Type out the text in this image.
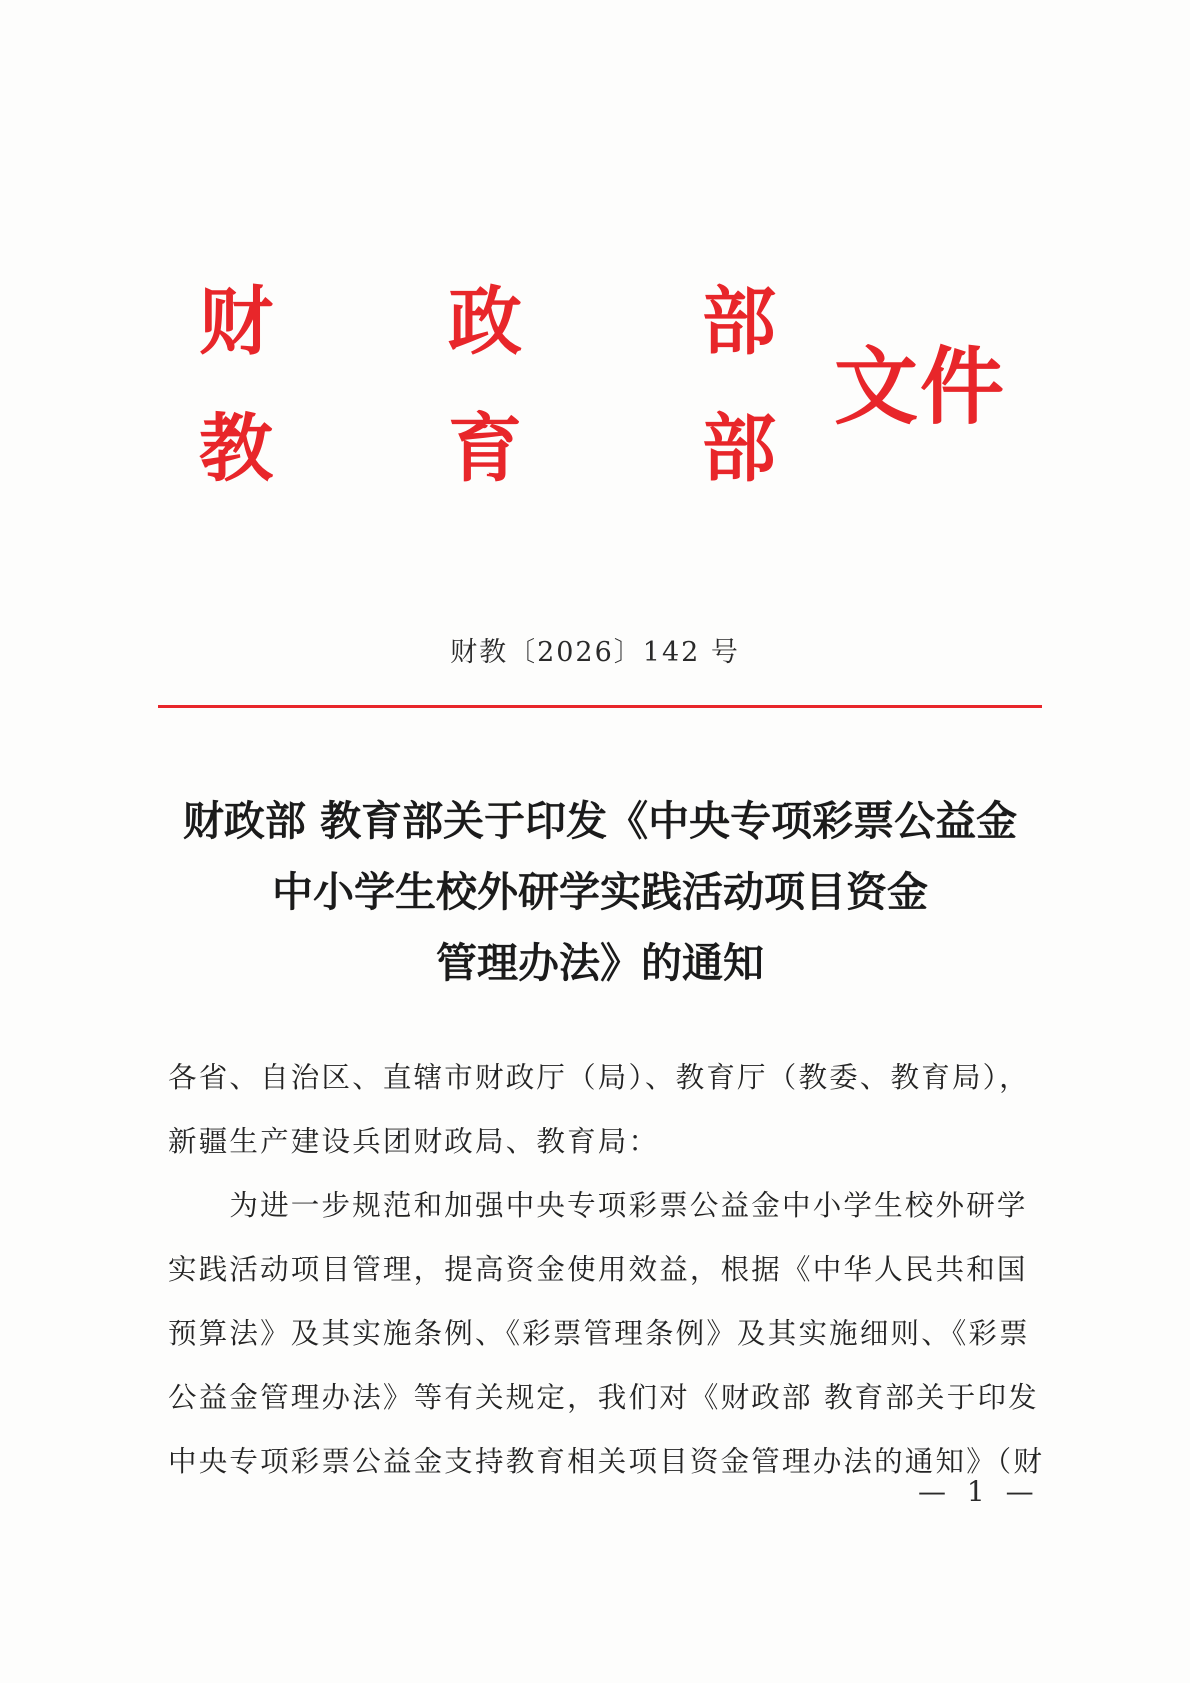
财 政 部
教 育 部
文件
财教〔2026〕142 号
财政部 教育部关于印发《中央专项彩票公益金
中小学生校外研学实践活动项目资金
管理办法》的通知
各省、自治区、直辖市财政厅（局）、教育厅（教委、教育局），
新疆生产建设兵团财政局、教育局：
　　为进一步规范和加强中央专项彩票公益金中小学生校外研学
实践活动项目管理，提高资金使用效益，根据《中华人民共和国
预算法》及其实施条例、《彩票管理条例》及其实施细则、《彩票
公益金管理办法》等有关规定，我们对《财政部 教育部关于印发
中央专项彩票公益金支持教育相关项目资金管理办法的通知》（财
— 1 —
